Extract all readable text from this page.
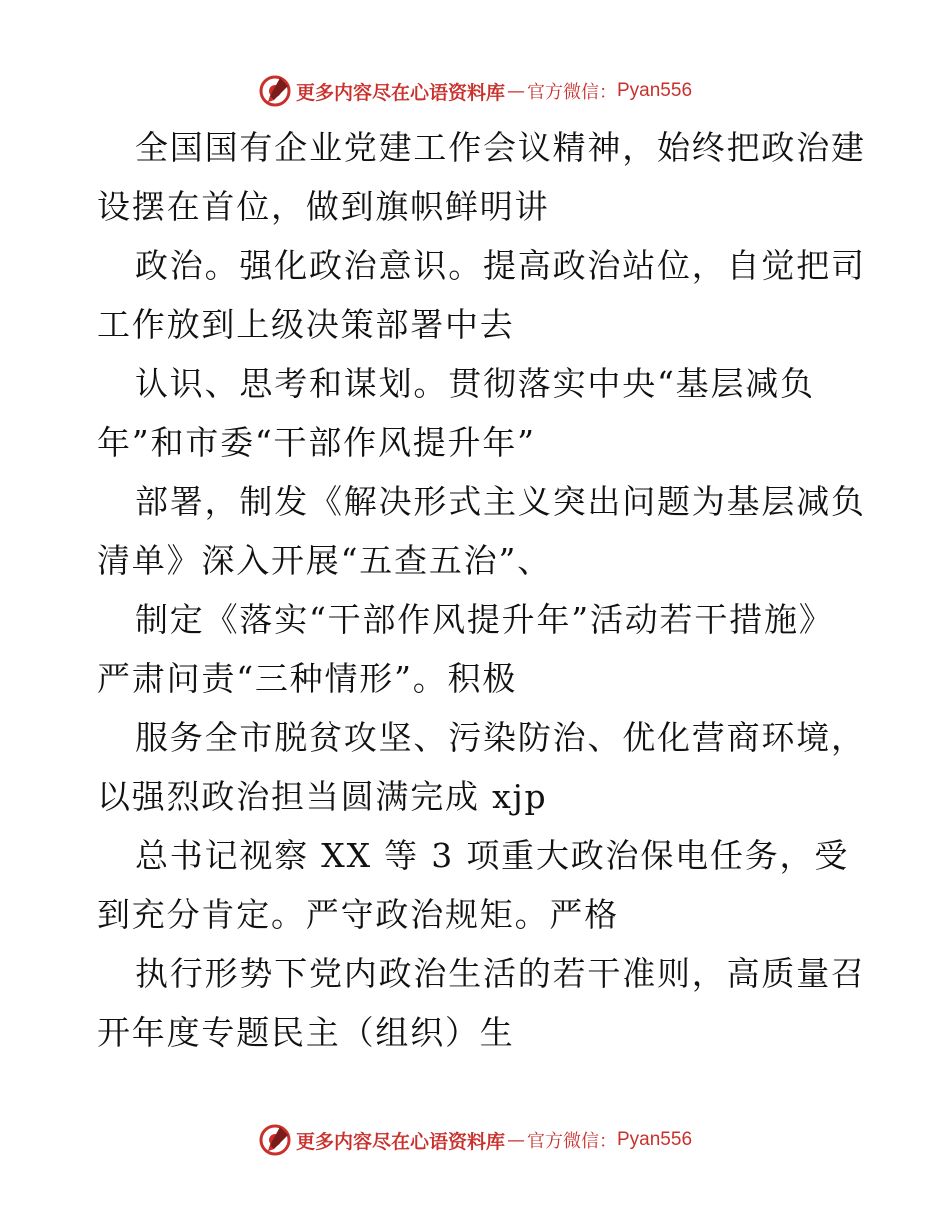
更多内容尽在心语资料库 — 官方微信： Pyan556

全国国有企业党建工作会议精神，始终把政治建
设摆在首位，做到旗帜鲜明讲

政治。强化政治意识。提高政治站位，自觉把司
工作放到上级决策部署中去

认识、思考和谋划。贯彻落实中央“基层减负
年”和市委“干部作风提升年”

部署，制发《解决形式主义突出问题为基层减负
清单》深入开展“五查五治”、

制定《落实“干部作风提升年”活动若干措施》
严肃问责“三种情形”。积极

服务全市脱贫攻坚、污染防治、优化营商环境，
以强烈政治担当圆满完成 xjp

总书记视察 XX 等 3 项重大政治保电任务，受
到充分肯定。严守政治规矩。严格

执行形势下党内政治生活的若干准则，高质量召
开年度专题民主（组织）生

更多内容尽在心语资料库 — 官方微信： Pyan556
